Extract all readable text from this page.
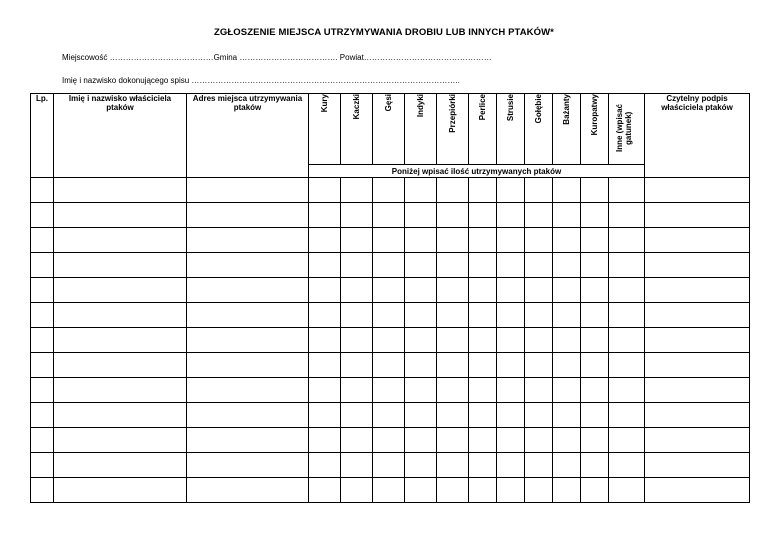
ZGŁOSZENIE MIEJSCA UTRZYMYWANIA DROBIU LUB INNYCH PTAKÓW*
Miejscowość …………………………………Gmina ………………………………. Powiat…………………………………………
Imię i nazwisko dokonującego spisu ………………………………………………………………………………………..
Lp.	Imię i nazwisko właściciela ptaków	Adres miejsca utrzymywania ptaków	Kury	Kaczki	Gęsi	Indyki	Przepiórki	Perlice	Strusie	Gołębie	Bażanty	Kuropatwy	Inne (wpisać gatunek)	Czytelny podpis właściciela ptaków
			Poniżej wpisać ilość utrzymywanych ptaków											
